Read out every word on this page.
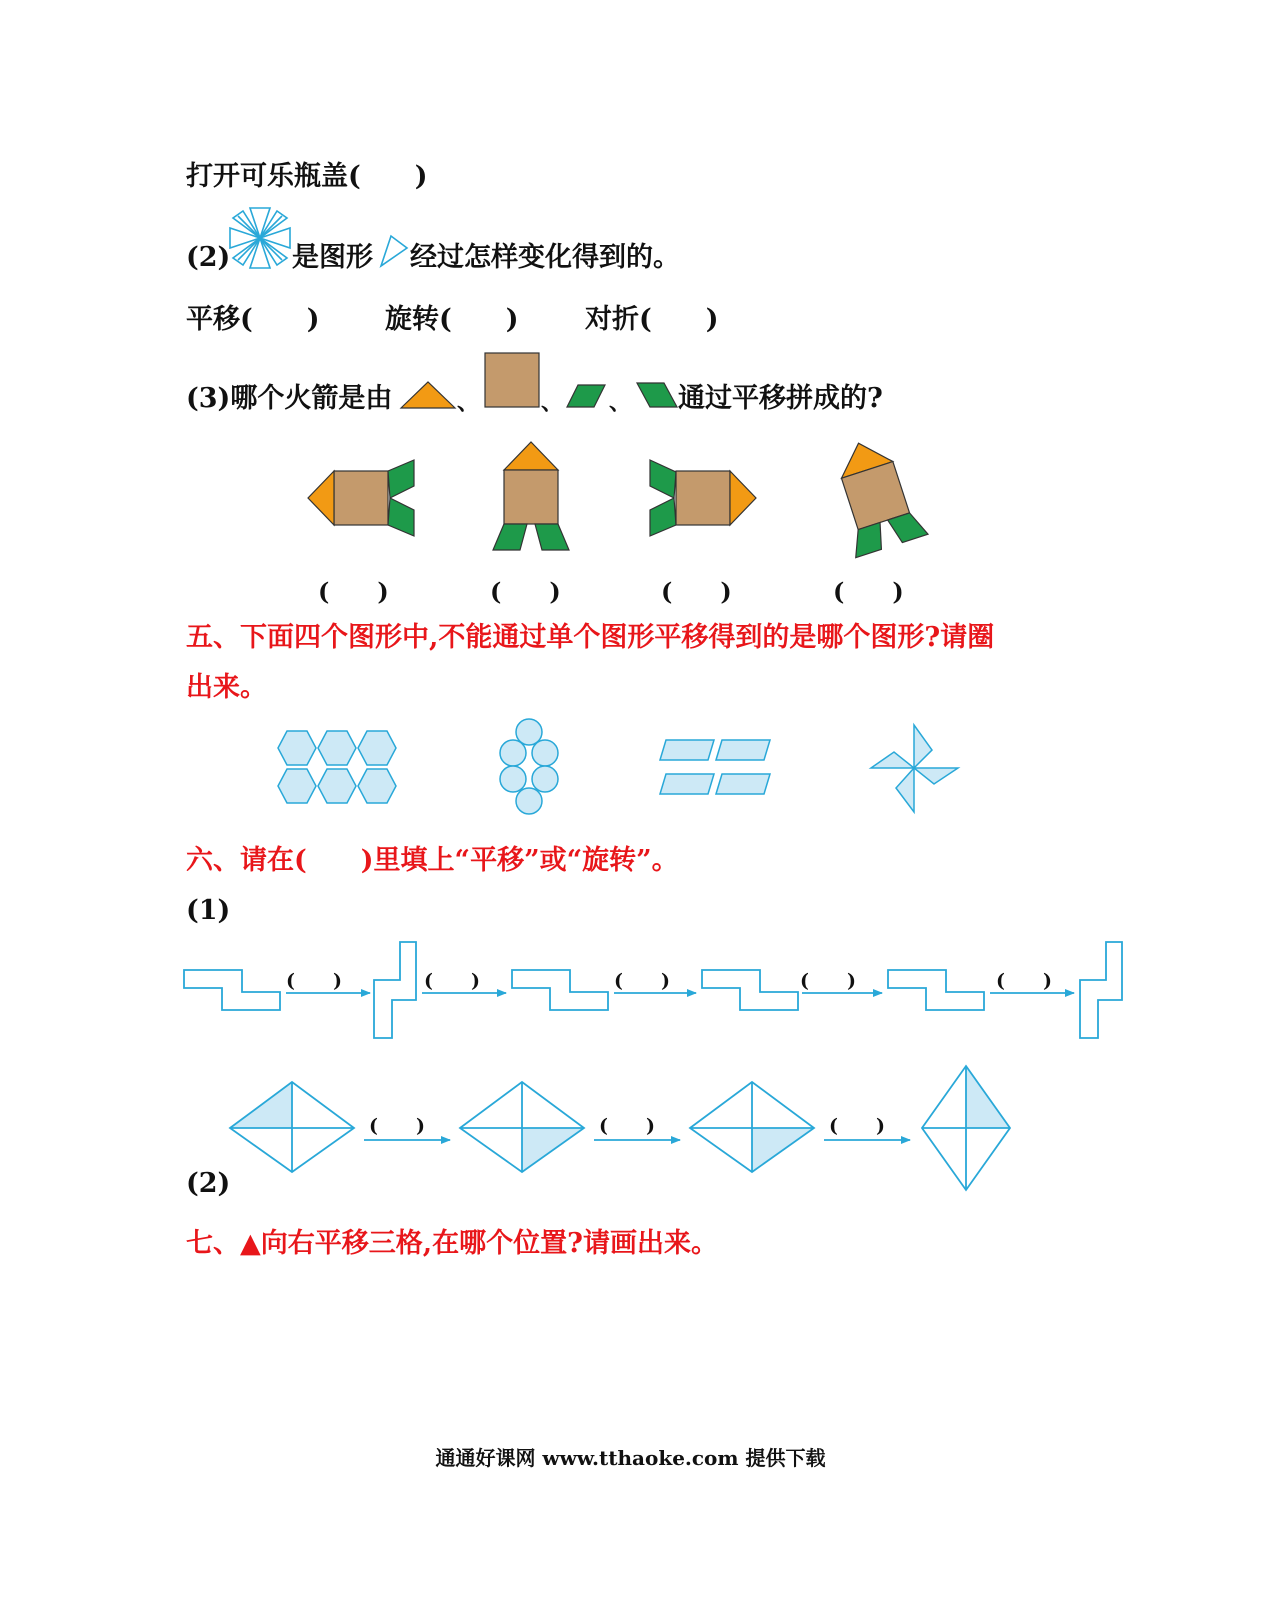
打开可乐瓶盖(　　)
(2) 是图形 经过怎样变化得到的。
平移(　　) 旋转(　　) 对折(　　)
(3)哪个火箭是由	、	、 、 通过平移拼成的?
(　　)	(　　)	(　　)	(　　)
五、下面四个图形中,不能通过单个图形平移得到的是哪个图形?请圈
出来。
六、请在(　　)里填上“平移”或“旋转”。
(1)
(　　)	(　　)	(　　)	(　　)	(　　)
(　　)	(　　)	(　　)
(2)
七、▲向右平移三格,在哪个位置?请画出来。
通通好课网 www.tthaoke.com 提供下载
